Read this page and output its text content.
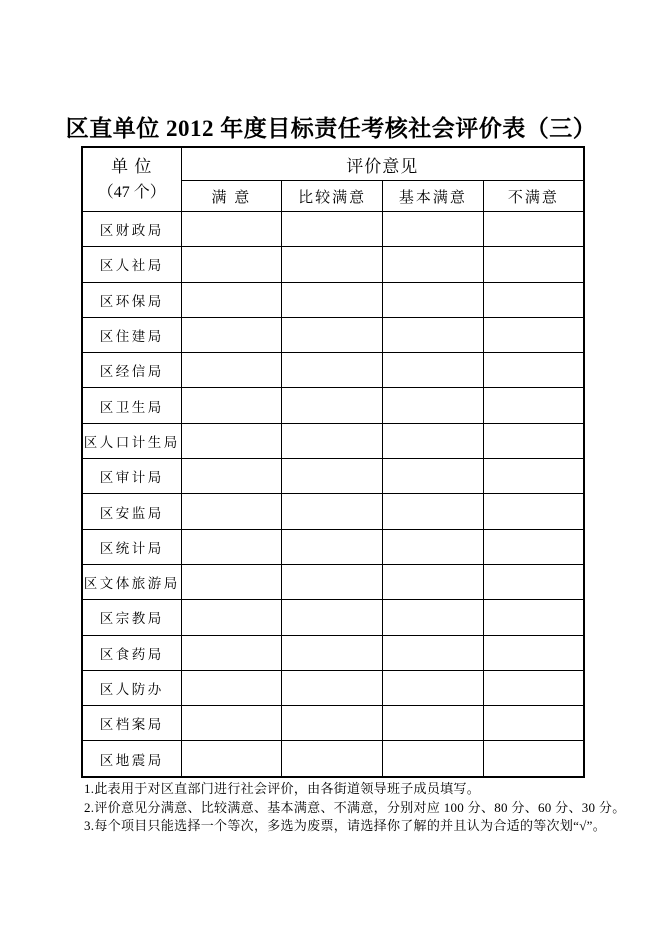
区直单位 2012 年度目标责任考核社会评价表（三）
单 位
（47 个）	评价意见			
	满 意	比较满意	基本满意	不满意
区财政局				
区人社局				
区环保局				
区住建局				
区经信局				
区卫生局				
区人口计生局				
区审计局				
区安监局				
区统计局				
区文体旅游局				
区宗教局				
区食药局				
区人防办				
区档案局				
区地震局				
1.此表用于对区直部门进行社会评价，由各街道领导班子成员填写。
2.评价意见分满意、比较满意、基本满意、不满意，分别对应 100 分、80 分、60 分、30 分。
3.每个项目只能选择一个等次，多选为废票，请选择你了解的并且认为合适的等次划“√”。
